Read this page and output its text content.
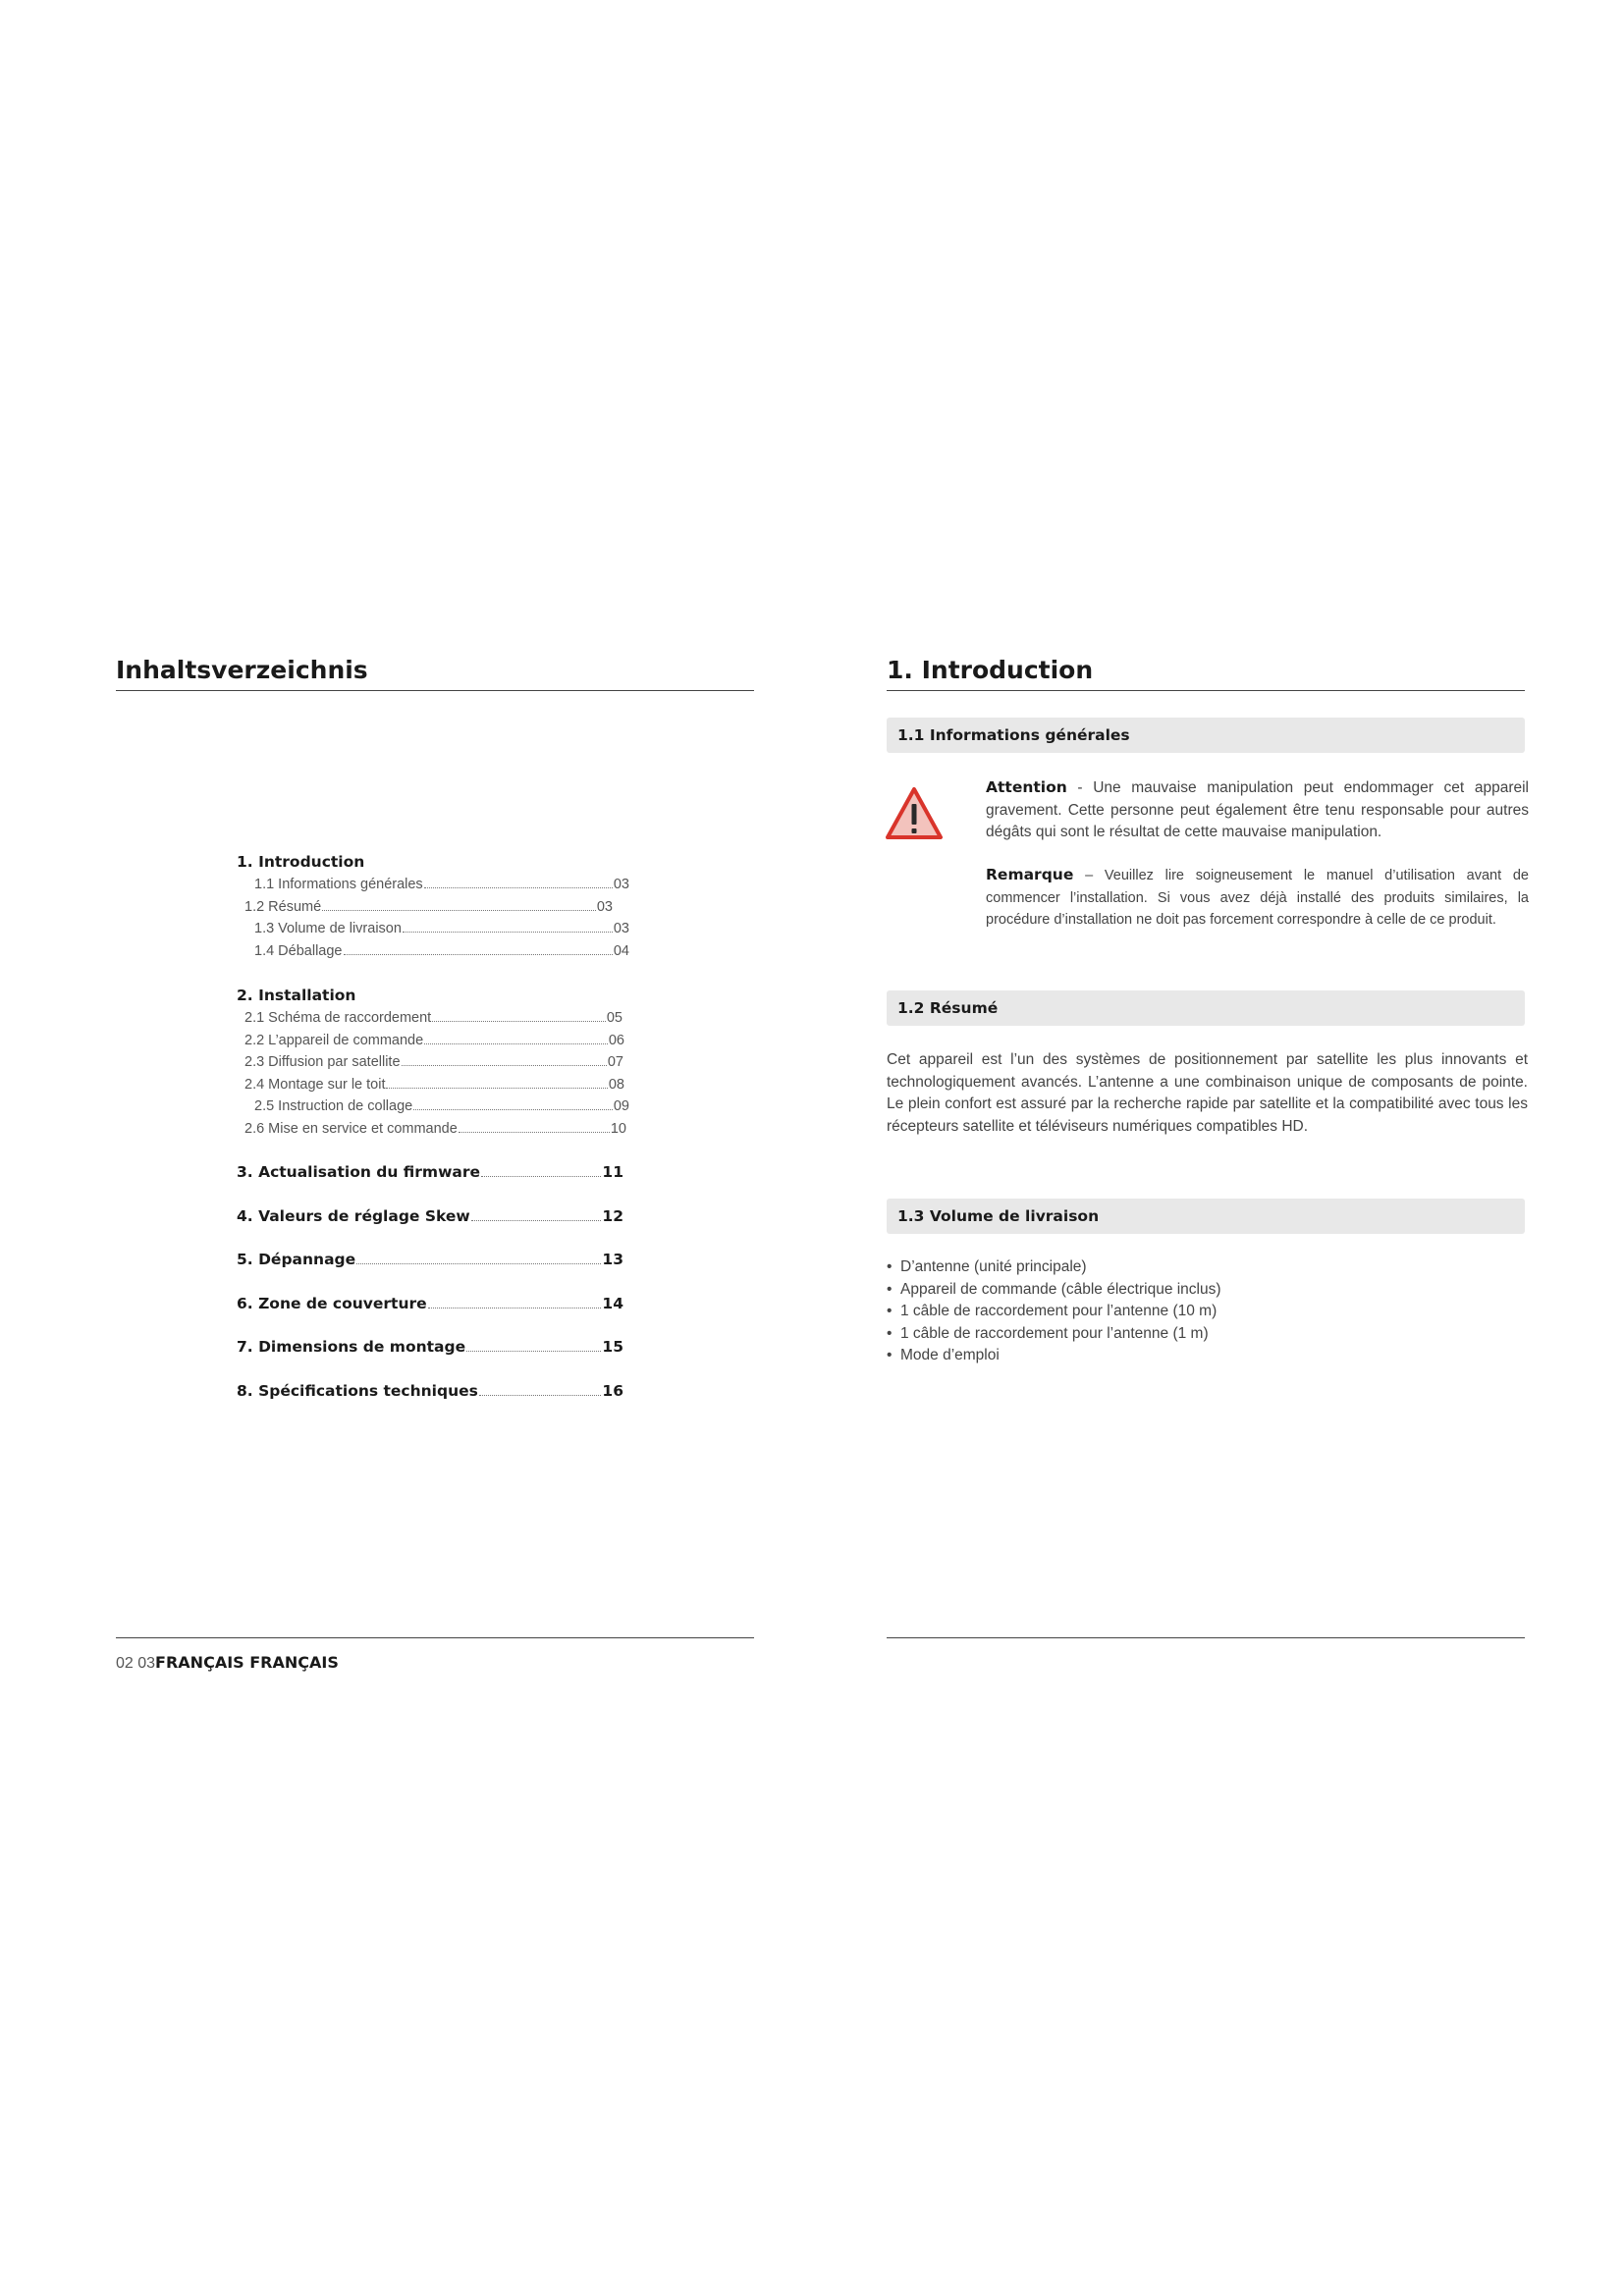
Inhaltsverzeichnis
1. Introduction
1.1 Informations générales	03
1.2 Résumé	03
1.3 Volume de livraison	03
1.4 Déballage	04
2. Installation
2.1 Schéma de raccordement	05
2.2 L’appareil de commande	06
2.3 Diffusion par satellite	07
2.4 Montage sur le toit	08
2.5 Instruction de collage	09
2.6 Mise en service et commande	10
3. Actualisation du firmware	11
4. Valeurs de réglage Skew	12
5. Dépannage	13
6. Zone de couverture	14
7. Dimensions de montage	15
8. Spécifications techniques	16
02 03FRANÇAIS FRANÇAIS
1. Introduction
1.1 Informations générales
Attention - Une mauvaise manipulation peut endommager cet appareil gravement. Cette personne peut également être tenu responsable pour autres dégâts qui sont le résultat de cette mauvaise manipulation.
Remarque – Veuillez lire soigneusement le manuel d’utilisation avant de commencer l’installation. Si vous avez déjà installé des produits similaires, la procédure d’installation ne doit pas forcement correspondre à celle de ce produit.
1.2 Résumé
Cet appareil est l’un des systèmes de positionnement par satellite les plus innovants et technologiquement avancés. L’antenne a une combinaison unique de composants de pointe. Le plein confort est assuré par la recherche rapide par satellite et la compatibilité avec tous les récepteurs satellite et téléviseurs numériques compatibles HD.
1.3 Volume de livraison
• D’antenne (unité principale)
• Appareil de commande (câble électrique inclus)
• 1 câble de raccordement pour l’antenne (10 m)
• 1 câble de raccordement pour l’antenne (1 m)
• Mode d’emploi
